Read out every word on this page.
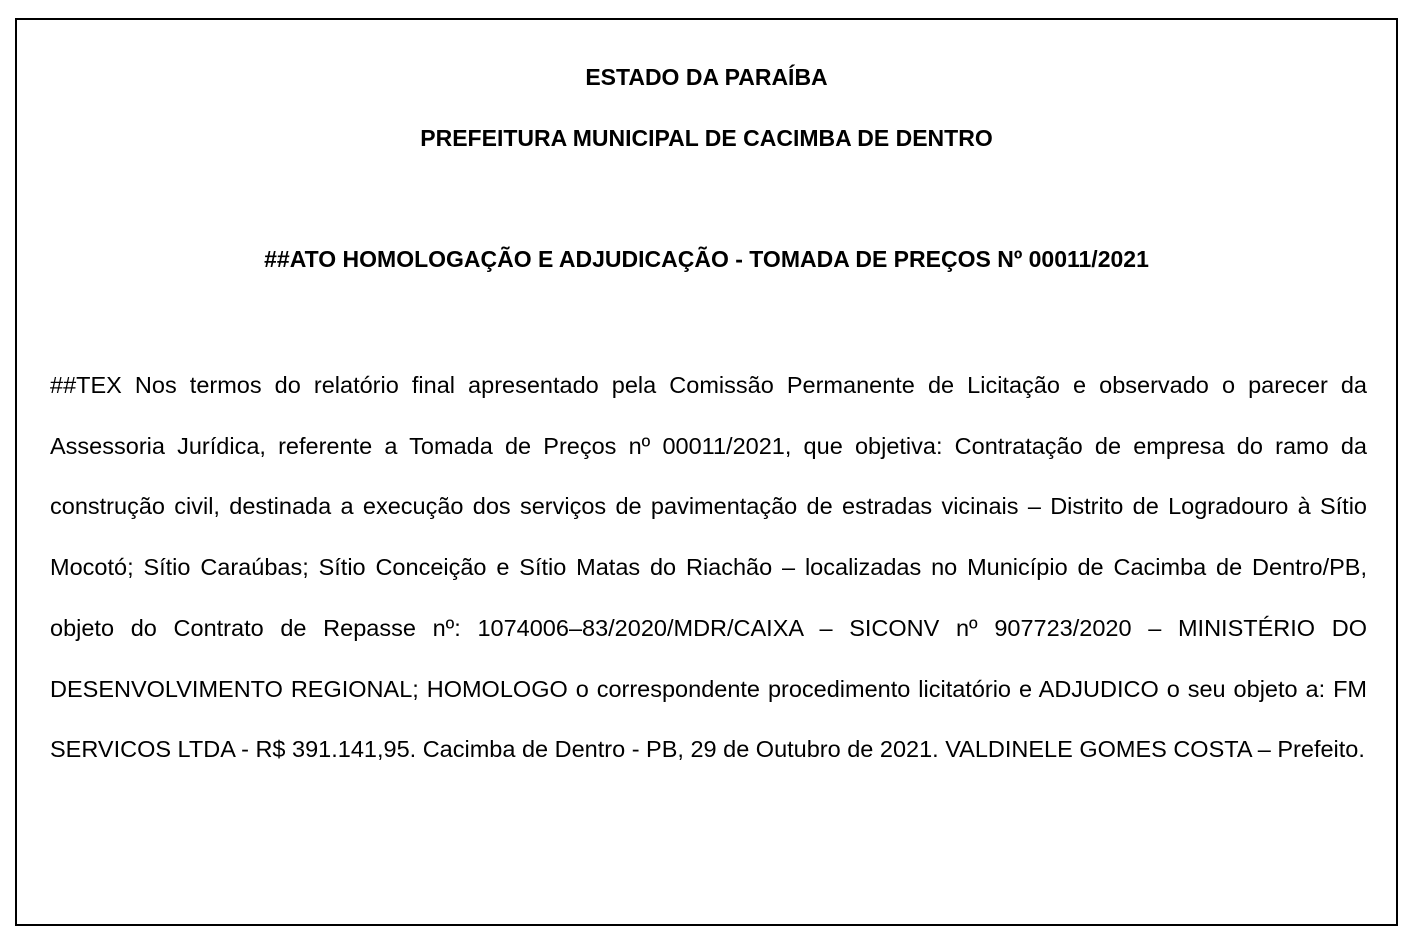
ESTADO DA PARAÍBA
PREFEITURA MUNICIPAL DE CACIMBA DE DENTRO
##ATO HOMOLOGAÇÃO E ADJUDICAÇÃO - TOMADA DE PREÇOS Nº 00011/2021

##TEX Nos termos do relatório final apresentado pela Comissão Permanente de Licitação e observado o parecer da Assessoria Jurídica, referente a Tomada de Preços nº 00011/2021, que objetiva: Contratação de empresa do ramo da construção civil, destinada a execução dos serviços de pavimentação de estradas vicinais – Distrito de Logradouro à Sítio Mocotó; Sítio Caraúbas; Sítio Conceição e Sítio Matas do Riachão – localizadas no Município de Cacimba de Dentro/PB, objeto do Contrato de Repasse nº: 1074006–83/2020/MDR/CAIXA – SICONV nº 907723/2020 – MINISTÉRIO DO DESENVOLVIMENTO REGIONAL; HOMOLOGO o correspondente procedimento licitatório e ADJUDICO o seu objeto a: FM SERVICOS LTDA - R$ 391.141,95. Cacimba de Dentro - PB, 29 de Outubro de 2021. VALDINELE GOMES COSTA – Prefeito.
